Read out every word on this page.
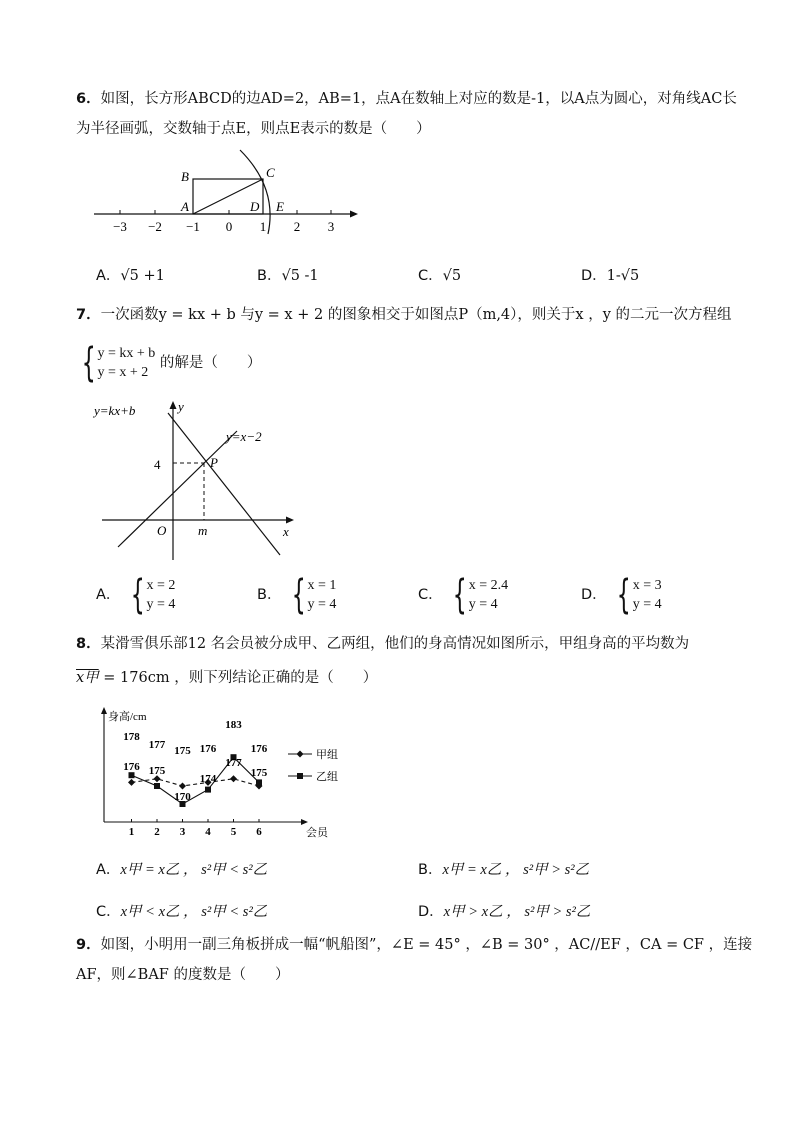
6．如图，长方形ABCD的边AD=2，AB=1，点A在数轴上对应的数是-1，以A点为圆心，对角线AC长
为半径画弧，交数轴于点E，则点E表示的数是（　　）
−3 −2 −1 0 1 2 3
B	C
A	D E
A．√5 +1	B．√5 -1	C．√5	D．1-√5
7．一次函数y = kx + b 与y = x + 2 的图象相交于如图点P（m,4），则关于x ，y 的二元一次方程组
{ y = kx + b
y = x + 2
的解是（　　）
y=kx+b
y=x−2
y
x
O
P
m
4
A． { x = 2
y = 4
B． { x = 1
y = 4
C． { x = 2.4
y = 4
D． { x = 3
y = 4
8．某滑雪俱乐部12 名会员被分成甲、乙两组，他们的身高情况如图所示，甲组身高的平均数为
x甲 = 176cm ，则下列结论正确的是（　　）
身高/cm
会员
1 2 3 4 5 6
178
177 175 176
183
176
176 175
170
174
177
175
甲组
乙组
A．x甲 = x乙 ， s²甲 < s²乙	B．x甲 = x乙 ， s²甲 > s²乙
C．x甲 < x乙 ， s²甲 < s²乙	D．x甲 > x乙 ， s²甲 > s²乙
9．如图，小明用一副三角板拼成一幅“帆船图”，∠E = 45° ，∠B = 30° ，AC//EF ，CA = CF ，连接
AF，则∠BAF 的度数是（　　）
